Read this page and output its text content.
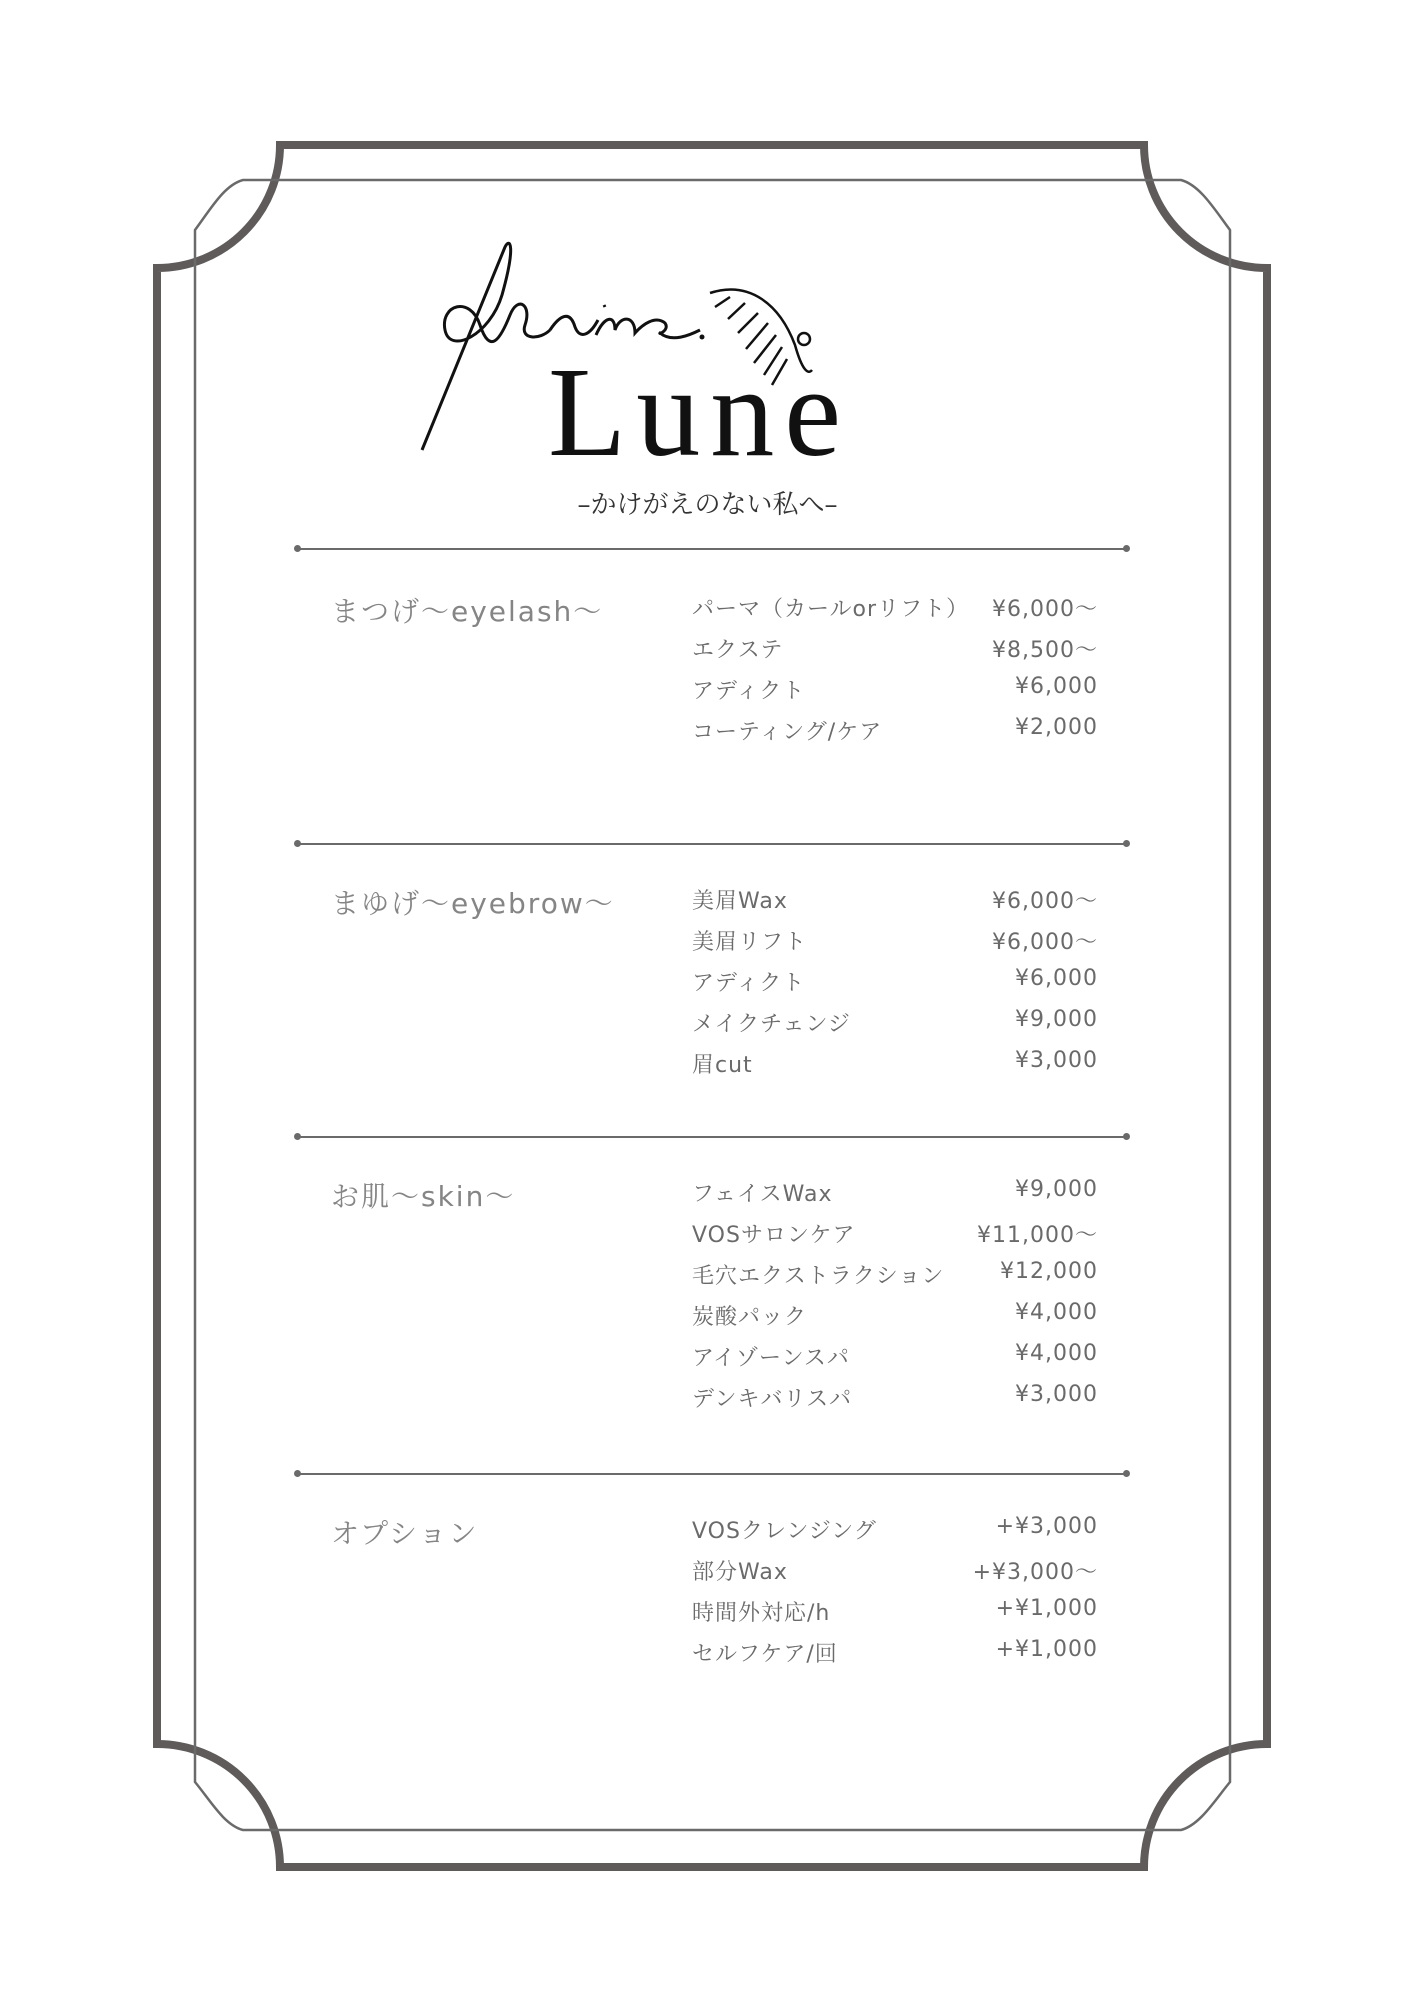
Lune
–かけがえのない私へ–
まつげ〜eyelash〜	パーマ（カールorリフト） ¥6,000〜
エクステ	¥8,500〜
アディクト	¥6,000
コーティング/ケア	¥2,000
まゆげ〜eyebrow〜	美眉Wax	¥6,000〜
美眉リフト	¥6,000〜
アディクト	¥6,000
メイクチェンジ	¥9,000
眉cut	¥3,000
お肌〜skin〜	フェイスWax	¥9,000
VOSサロンケア	¥11,000〜
毛穴エクストラクション	¥12,000
炭酸パック	¥4,000
アイゾーンスパ	¥4,000
デンキバリスパ	¥3,000
オプション	VOSクレンジング	+¥3,000
部分Wax	+¥3,000〜
時間外対応/h	+¥1,000
セルフケア/回	+¥1,000
